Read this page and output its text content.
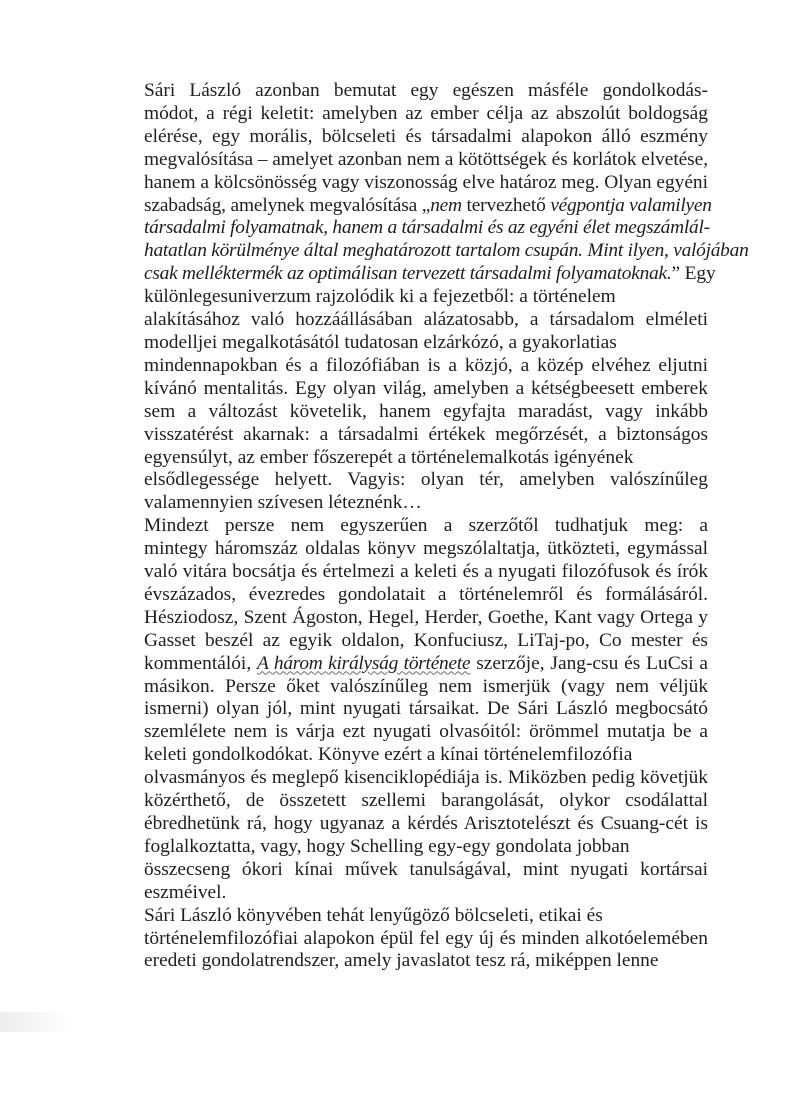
Sári László azonban bemutat egy egészen másféle gondolkodás-
módot, a régi keletit: amelyben az ember célja az abszolút boldogság
elérése, egy morális, bölcseleti és társadalmi alapokon álló eszmény
megvalósítása – amelyet azonban nem a kötöttségek és korlátok elvetése,
hanem a kölcsönösség vagy viszonosság elve határoz meg. Olyan egyéni
szabadság, amelynek megvalósítása „nem tervezhető végpontja valamilyen
társadalmi folyamatnak, hanem a társadalmi és az egyéni élet megszámlál-
hatatlan körülménye által meghatározott tartalom csupán. Mint ilyen, valójában
csak melléktermék az optimálisan tervezett társadalmi folyamatoknak.” Egy
különlegesuniverzum rajzolódik ki a fejezetből: a történelem
alakításához való hozzáállásában alázatosabb, a társadalom elméleti
modelljei megalkotásától tudatosan elzárkózó, a gyakorlatias
mindennapokban és a filozófiában is a közjó, a közép elvéhez eljutni
kívánó mentalitás. Egy olyan világ, amelyben a kétségbeesett emberek
sem a változást követelik, hanem egyfajta maradást, vagy inkább
visszatérést akarnak: a társadalmi értékek megőrzését, a biztonságos
egyensúlyt, az ember főszerepét a történelemalkotás igényének
elsődlegessége helyett. Vagyis: olyan tér, amelyben valószínűleg
valamennyien szívesen léteznénk…
Mindezt persze nem egyszerűen a szerzőtől tudhatjuk meg: a
mintegy háromszáz oldalas könyv megszólaltatja, ütközteti, egymással
való vitára bocsátja és értelmezi a keleti és a nyugati filozófusok és írók
évszázados, évezredes gondolatait a történelemről és formálásáról.
Hésziodosz, Szent Ágoston, Hegel, Herder, Goethe, Kant vagy Ortega y
Gasset beszél az egyik oldalon, Konfuciusz, LiTaj-po, Co mester és
kommentálói, A három királyság története szerzője, Jang-csu és LuCsi a
másikon. Persze őket valószínűleg nem ismerjük (vagy nem véljük
ismerni) olyan jól, mint nyugati társaikat. De Sári László megbocsátó
szemlélete nem is várja ezt nyugati olvasóitól: örömmel mutatja be a
keleti gondolkodókat. Könyve ezért a kínai történelemfilozófia
olvasmányos és meglepő kisenciklopédiája is. Miközben pedig követjük
közérthető, de összetett szellemi barangolását, olykor csodálattal
ébredhetünk rá, hogy ugyanaz a kérdés Arisztotelészt és Csuang-cét is
foglalkoztatta, vagy, hogy Schelling egy-egy gondolata jobban
összecseng ókori kínai művek tanulságával, mint nyugati kortársai
eszméivel.
Sári László könyvében tehát lenyűgöző bölcseleti, etikai és
történelemfilozófiai alapokon épül fel egy új és minden alkotóelemében
eredeti gondolatrendszer, amely javaslatot tesz rá, miképpen lenne
